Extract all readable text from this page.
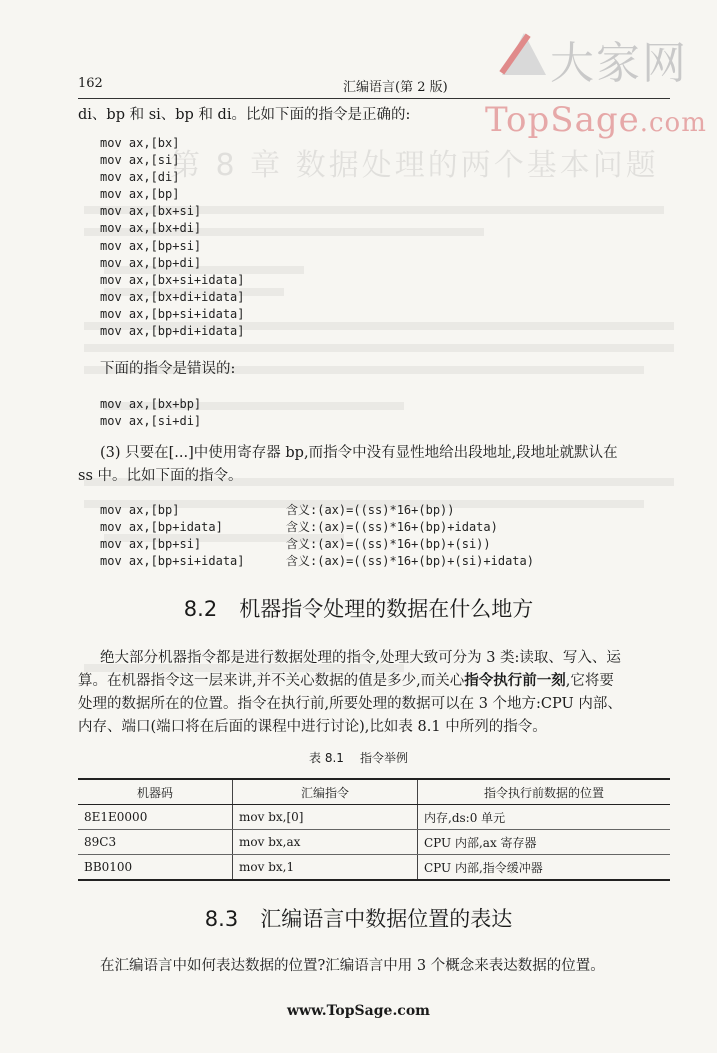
大家网
TopSage.com
第 8 章 数据处理的两个基本问题
162	汇编语言(第 2 版)
di、bp 和 si、bp 和 di。比如下面的指令是正确的:
mov ax,[bx]
mov ax,[si]
mov ax,[di]
mov ax,[bp]
mov ax,[bx+si]
mov ax,[bx+di]
mov ax,[bp+si]
mov ax,[bp+di]
mov ax,[bx+si+idata]
mov ax,[bx+di+idata]
mov ax,[bp+si+idata]
mov ax,[bp+di+idata]
下面的指令是错误的:
mov ax,[bx+bp]
mov ax,[si+di]
(3) 只要在[...]中使用寄存器 bp,而指令中没有显性地给出段地址,段地址就默认在
ss 中。比如下面的指令。
mov ax,[bp]	含义:(ax)=((ss)*16+(bp))
mov ax,[bp+idata]	含义:(ax)=((ss)*16+(bp)+idata)
mov ax,[bp+si]	含义:(ax)=((ss)*16+(bp)+(si))
mov ax,[bp+si+idata]	含义:(ax)=((ss)*16+(bp)+(si)+idata)
8.2 机器指令处理的数据在什么地方
绝大部分机器指令都是进行数据处理的指令,处理大致可分为 3 类:读取、写入、运
算。在机器指令这一层来讲,并不关心数据的值是多少,而关心指令执行前一刻,它将要
处理的数据所在的位置。指令在执行前,所要处理的数据可以在 3 个地方:CPU 内部、
内存、端口(端口将在后面的课程中进行讨论),比如表 8.1 中所列的指令。
表 8.1 指令举例
机器码	汇编指令	指令执行前数据的位置
8E1E0000	mov bx,[0]	内存,ds:0 单元
89C3	mov bx,ax	CPU 内部,ax 寄存器
BB0100	mov bx,1	CPU 内部,指令缓冲器
8.3 汇编语言中数据位置的表达
在汇编语言中如何表达数据的位置?汇编语言中用 3 个概念来表达数据的位置。
www.TopSage.com
